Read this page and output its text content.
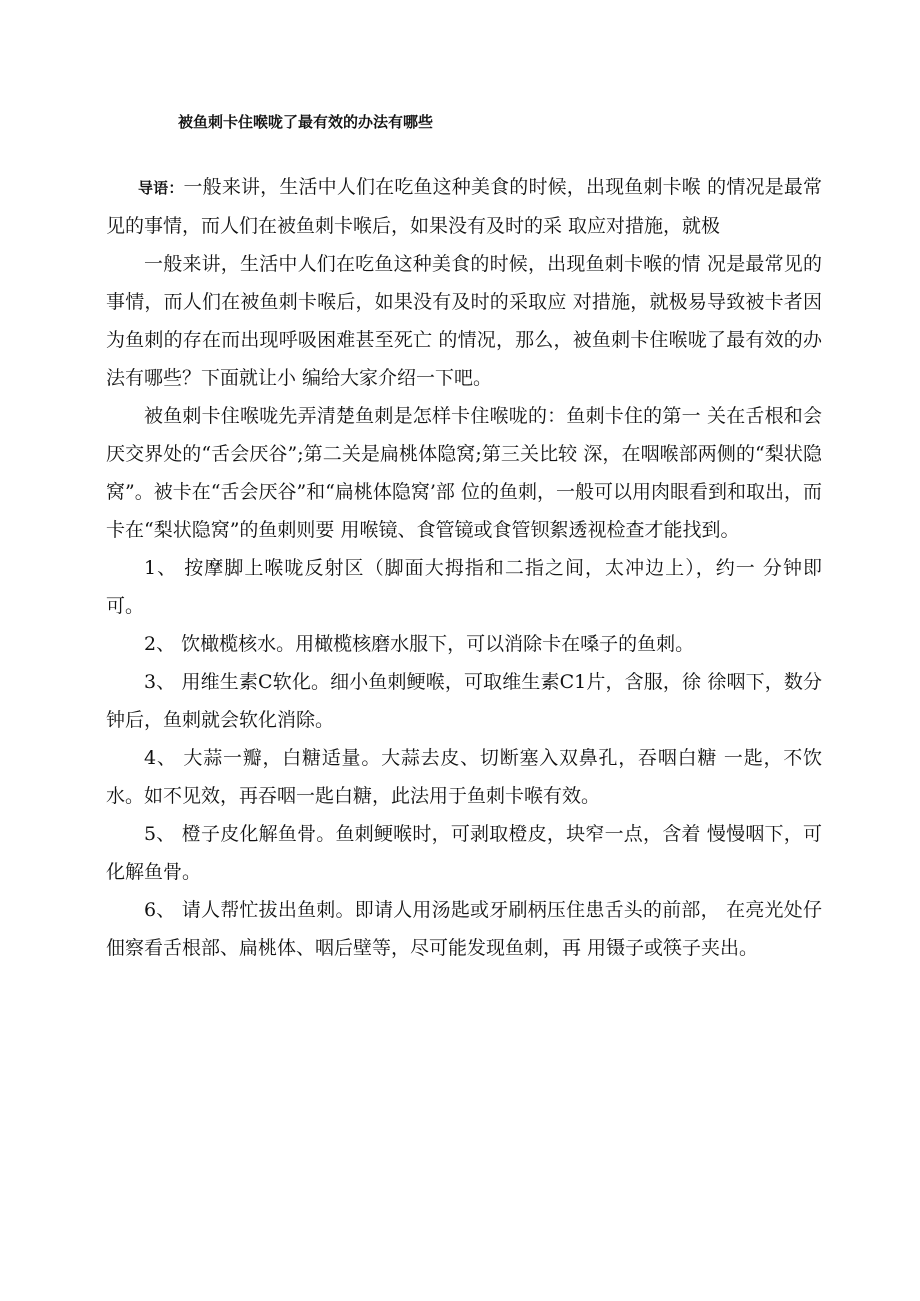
被鱼刺卡住喉咙了最有效的办法有哪些

导语：一般来讲，生活中人们在吃鱼这种美食的时候，出现鱼刺卡喉 的情况是最常见的事情，而人们在被鱼刺卡喉后，如果没有及时的采 取应对措施，就极

一般来讲，生活中人们在吃鱼这种美食的时候，出现鱼刺卡喉的情 况是最常见的事情，而人们在被鱼刺卡喉后，如果没有及时的采取应 对措施，就极易导致被卡者因为鱼刺的存在而出现呼吸困难甚至死亡 的情况，那么，被鱼刺卡住喉咙了最有效的办法有哪些？下面就让小 编给大家介绍一下吧。

被鱼刺卡住喉咙先弄清楚鱼刺是怎样卡住喉咙的：鱼刺卡住的第一 关在舌根和会厌交界处的“舌会厌谷”;第二关是扁桃体隐窝;第三关比较 深，在咽喉部两侧的“梨状隐窝”。被卡在“舌会厌谷”和“扁桃体隐窝’部 位的鱼刺，一般可以用肉眼看到和取出，而卡在“梨状隐窝”的鱼刺则要 用喉镜、食管镜或食管钡絮透视检查才能找到。

1、 按摩脚上喉咙反射区（脚面大拇指和二指之间，太冲边上），约一 分钟即可。

2、 饮橄榄核水。用橄榄核磨水服下，可以消除卡在嗓子的鱼刺。

3、 用维生素C软化。细小鱼刺鲠喉，可取维生素C1片，含服，徐 徐咽下，数分钟后，鱼刺就会软化消除。

4、 大蒜一瓣，白糖适量。大蒜去皮、切断塞入双鼻孔，吞咽白糖 一匙，不饮水。如不见效，再吞咽一匙白糖，此法用于鱼刺卡喉有效。

5、 橙子皮化解鱼骨。鱼刺鲠喉时，可剥取橙皮，块窄一点，含着 慢慢咽下，可化解鱼骨。

6、 请人帮忙拔出鱼刺。即请人用汤匙或牙刷柄压住患舌头的前部， 在亮光处仔佃察看舌根部、扁桃体、咽后壁等，尽可能发现鱼刺，再 用镊子或筷子夹出。
